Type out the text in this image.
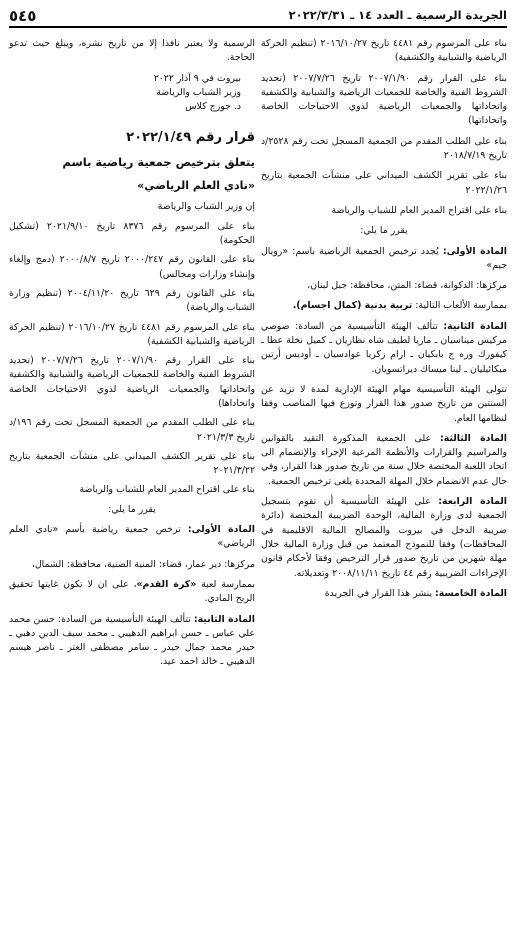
الجريدة الرسمية ـ العدد ١٤ ـ ٢٠٢٢/٣/٣١
٥٤٥

بناء على المرسوم رقم ٤٤٨١ تاريخ ٢٠١٦/١٠/٢٧ (تنظيم الحركة الرياضية والشبابية والكشفية)

بناء على القرار رقم ٢٠٠٧/١/٩٠ تاريخ ٢٠٠٧/٧/٢٦ (تحديد الشروط الفنية والخاصة للجمعيات الرياضية والشبابية والكشفية واتحاداتها والجمعيات الرياضية لذوي الاحتياجات الخاصة واتحاداتها)

بناء على الطلب المقدم من الجمعية المسجل تحت رقم ٢٥٢٨/د تاريخ ٢٠١٨/٧/١٩

بناء على تقرير الكشف الميداني على منشآت الجمعية بتاريخ ٢٠٢٢/١/٢٦

بناء على اقتراح المدير العام للشباب والرياضة

يقرر ما يلي:

المادة الأولى: يُجدد ترخيص الجمعية الرياضية باسم: «رويال جيم»

مركزها: الدكوانة، قضاء: المتن، محافظة: جبل لبنان،

بممارسة الألعاب التالية: تربية بدنية (كمال اجسام).

المادة الثانية: تتألف الهيئة التأسيسية من السادة: صوصي مركيس ميناسيان ـ ماريا لطيف شاه نظاريان ـ كميل نخلة عطا ـ كيفورك وره ج بابكيان ـ ارام زكريا عوادسيان ـ أوديس أرتين ميكائيليان ـ لينا ميساك ديراتسويان.

تتولى الهيئة التأسيسية مهام الهيئة الإدارية لمدة لا تزيد عن السنتين من تاريخ صدور هذا القرار وتوزع فيها المناصب وفقا لنظامها العام.

المادة الثالثة: على الجمعية المذكورة التقيد بالقوانين والمراسيم والقرارات والأنظمة المرعية الإجراء والإنضمام الى اتحاد اللعبة المختصة خلال سنة من تاريخ صدور هذا القرار، وفي حال عدم الانضمام خلال المهلة المحددة يلغى ترخيص الجمعية.

المادة الرابعة: على الهيئة التأسيسية أن تقوم بتسجيل الجمعية لدى وزارة المالية، الوحدة الضريبية المختصة (دائرة ضريبة الدخل في بيروت والمصالح المالية الاقليمية في المحافظات) وفقا للنموذج المعتمد من قبل وزارة المالية خلال مهلة شهرين من تاريخ صدور قرار الترخيص وفقا لأحكام قانون الإجراءات الضريبية رقم ٤٤ تاريخ ٢٠٠٨/١١/١١ وتعديلاته.

المادة الخامسة: ينشر هذا القرار في الجريدة

الرسمية ولا يعتبر نافذا إلا من تاريخ نشره، ويبلغ حيث تدعو الحاجة.

بيروت في ٩ آذار ٢٠٢٢

وزير الشباب والرياضة

د. جورج كلاس

قرار رقم ٢٠٢٢/١/٤٩

يتعلق بترخيص جمعية رياضية باسم

«نادي العلم الرياضي»

إن وزير الشباب والرياضة

بناء على المرسوم رقم ٨٣٧٦ تاريخ ٢٠٢١/٩/١٠ (تشكيل الحكومة)

بناء على القانون رقم ٢٠٠٠/٢٤٧ تاريخ ٢٠٠٠/٨/٧ (دمج وإلغاء وإنشاء وزارات ومجالس)

بناء على القانون رقم ٦٢٩ تاريخ ٢٠٠٤/١١/٢٠ (تنظيم وزارة الشباب والرياضة)

بناء على المرسوم رقم ٤٤٨١ تاريخ ٢٠١٦/١٠/٢٧ (تنظيم الحركة الرياضية والشبابية الكشفية)

بناء على القرار رقم ٢٠٠٧/١/٩٠ تاريخ ٢٠٠٧/٧/٢٦ (تحديد الشروط الفنية والخاصة للجمعيات الرياضية والشبابية والكشفية واتحاداتها والجمعيات الرياضية لذوي الاحتياجات الخاصة واتحاداها)

بناء على الطلب المقدم من الجمعية المسجل تحت رقم ١٩٦/د تاريخ ٢٠٢١/٣/٣

بناء على تقرير الكشف الميداني على منشآت الجمعية بتاريخ ٢٠٢١/٣/٢٢

بناء على اقتراح المدير العام للشباب والرياضة

يقرر ما يلي:

المادة الأولى: ترخص جمعية رياضية بأسم «نادي العلم الرياضي»

مركزها: دير عمار، قضاء: المنية الضنية، محافظة: الشمال،

بممارسة لعبة «كرة القدم»، على ان لا تكون غايتها تحقيق الربح المادي.

المادة الثانية: تتألف الهيئة التأسيسية من السادة: حسن محمد علي عباس ـ حسن ابراهيم الدهيبي ـ محمد سيف الدين دهبي ـ حيدر محمد جمال حيدر ـ سامر مصطفى العتر ـ ناصر هيسم الدهيبي ـ خالد احمد عيد.
